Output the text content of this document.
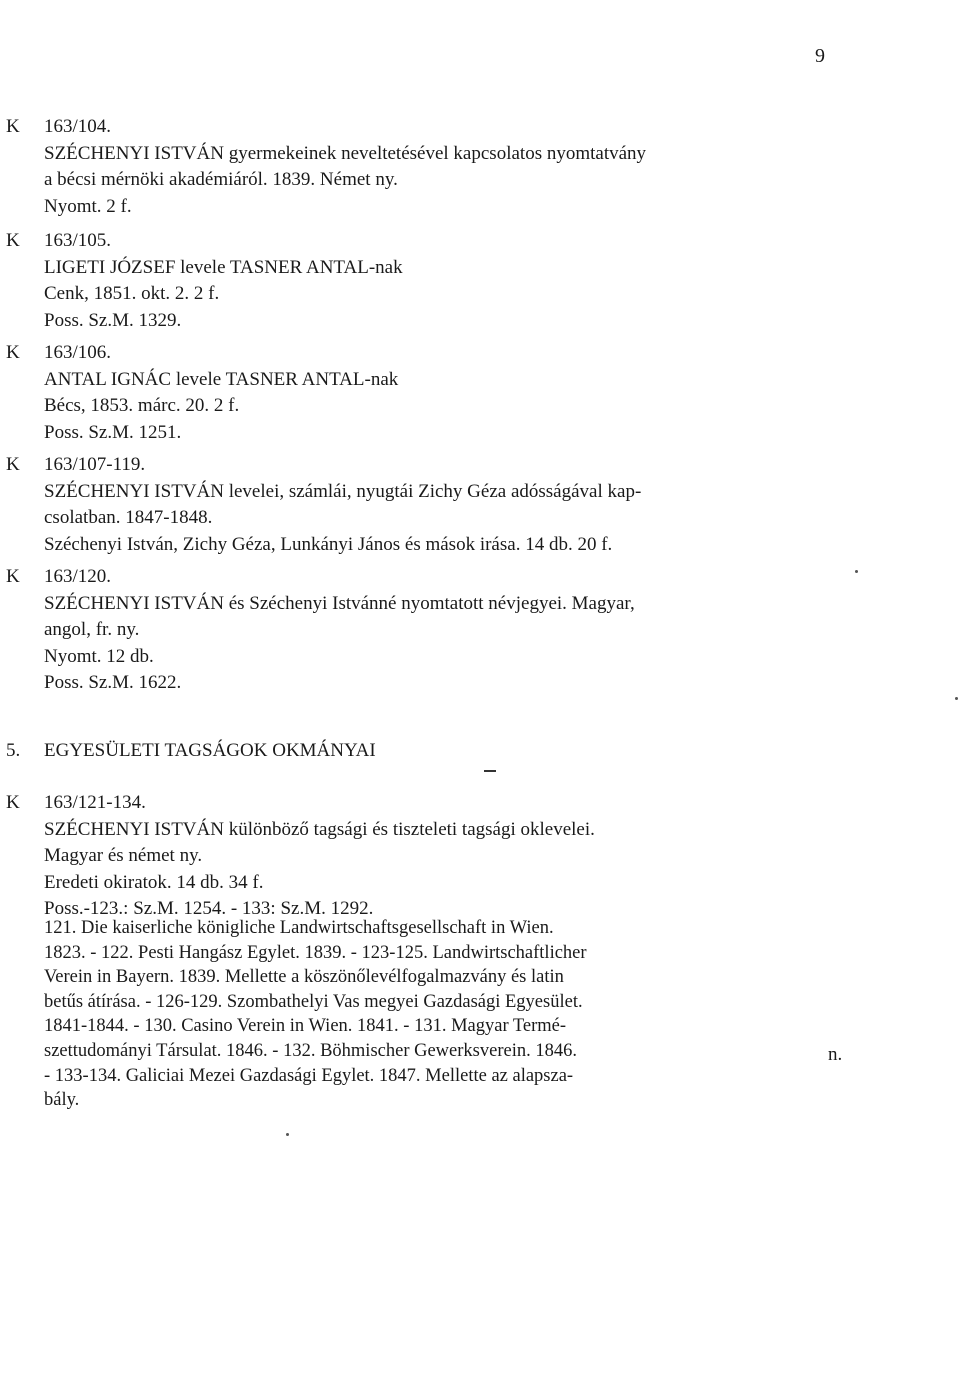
9
K 163/104.
SZÉCHENYI ISTVÁN gyermekeinek neveltetésével kapcsolatos nyomtatvány
a bécsi mérnöki akadémiáról. 1839. Német ny.
Nyomt. 2 f.
K 163/105.
LIGETI JÓZSEF levele TASNER ANTAL-nak
Cenk, 1851. okt. 2. 2 f.
Poss. Sz.M. 1329.
K 163/106.
ANTAL IGNÁC levele TASNER ANTAL-nak
Bécs, 1853. márc. 20. 2 f.
Poss. Sz.M. 1251.
K 163/107-119.
SZÉCHENYI ISTVÁN levelei, számlái, nyugtái Zichy Géza adósságával kap-
csolatban. 1847-1848.
Széchenyi István, Zichy Géza, Lunkányi János és mások irása. 14 db. 20 f.
K 163/120.
SZÉCHENYI ISTVÁN és Széchenyi Istvánné nyomtatott névjegyei. Magyar,
angol, fr. ny.
Nyomt. 12 db.
Poss. Sz.M. 1622.
5. EGYESÜLETI TAGSÁGOK OKMÁNYAI
K 163/121-134.
SZÉCHENYI ISTVÁN különböző tagsági és tiszteleti tagsági oklevelei.
Magyar és német ny.
Eredeti okiratok. 14 db. 34 f.
Poss.-123.: Sz.M. 1254. - 133: Sz.M. 1292.
121. Die kaiserliche königliche Landwirtschaftsgesellschaft in Wien.
1823. - 122. Pesti Hangász Egylet. 1839. - 123-125. Landwirtschaftlicher
Verein in Bayern. 1839. Mellette a köszönőlevélfogalmazvány és latin
betűs átírása. - 126-129. Szombathelyi Vas megyei Gazdasági Egyesület.
1841-1844. - 130. Casino Verein in Wien. 1841. - 131. Magyar Termé-
szettudományi Társulat. 1846. - 132. Böhmischer Gewerksverein. 1846.
- 133-134. Galiciai Mezei Gazdasági Egylet. 1847. Mellette az alapsza-
bály.
n.
